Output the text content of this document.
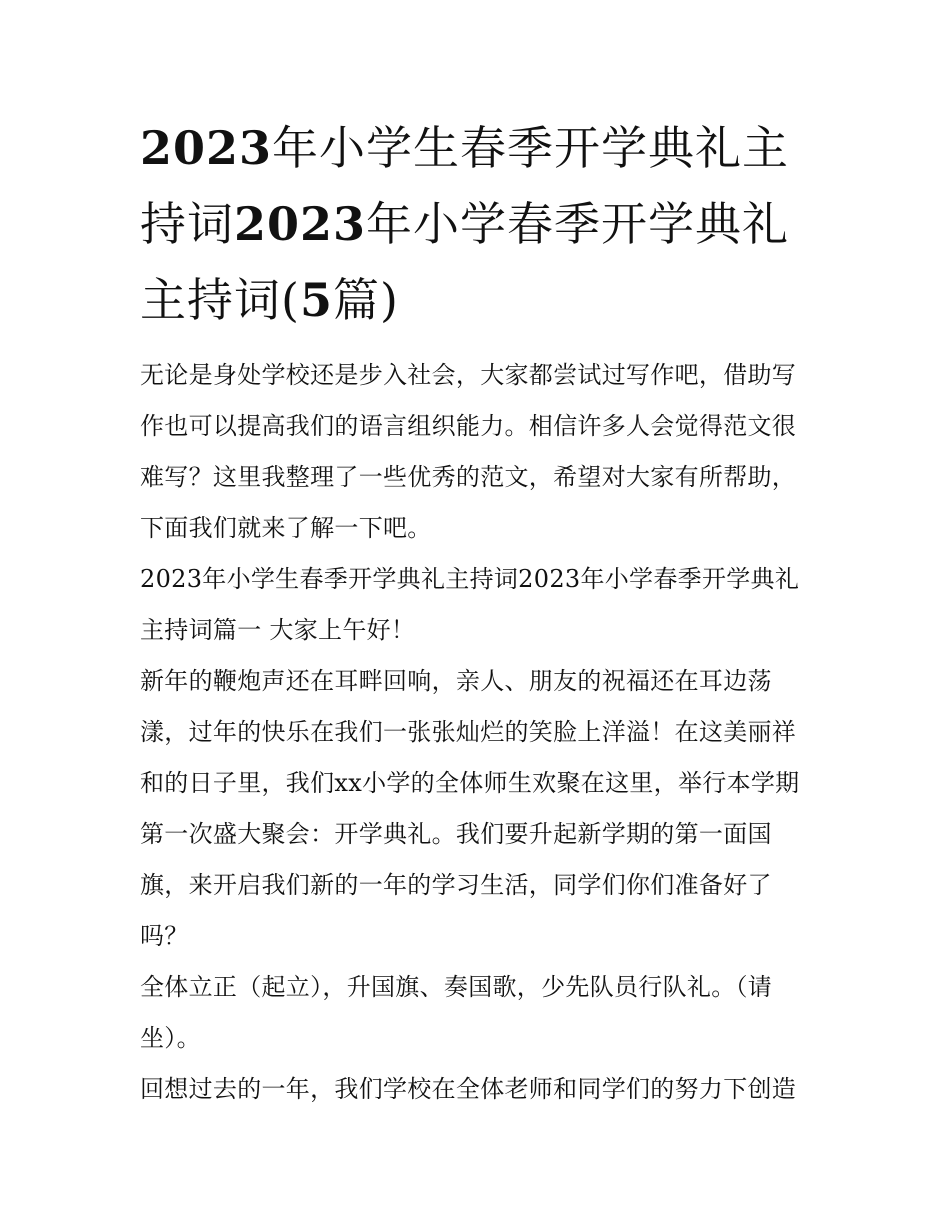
2023年小学生春季开学典礼主持词2023年小学春季开学典礼主持词(5篇)

无论是身处学校还是步入社会，大家都尝试过写作吧，借助写作也可以提高我们的语言组织能力。相信许多人会觉得范文很难写？这里我整理了一些优秀的范文，希望对大家有所帮助，下面我们就来了解一下吧。

2023年小学生春季开学典礼主持词2023年小学春季开学典礼主持词篇一 大家上午好！

新年的鞭炮声还在耳畔回响，亲人、朋友的祝福还在耳边荡漾，过年的快乐在我们一张张灿烂的笑脸上洋溢！在这美丽祥和的日子里，我们xx小学的全体师生欢聚在这里，举行本学期第一次盛大聚会：开学典礼。我们要升起新学期的第一面国旗，来开启我们新的一年的学习生活，同学们你们准备好了吗？

全体立正（起立），升国旗、奏国歌，少先队员行队礼。（请坐）。

回想过去的一年，我们学校在全体老师和同学们的努力下创造
